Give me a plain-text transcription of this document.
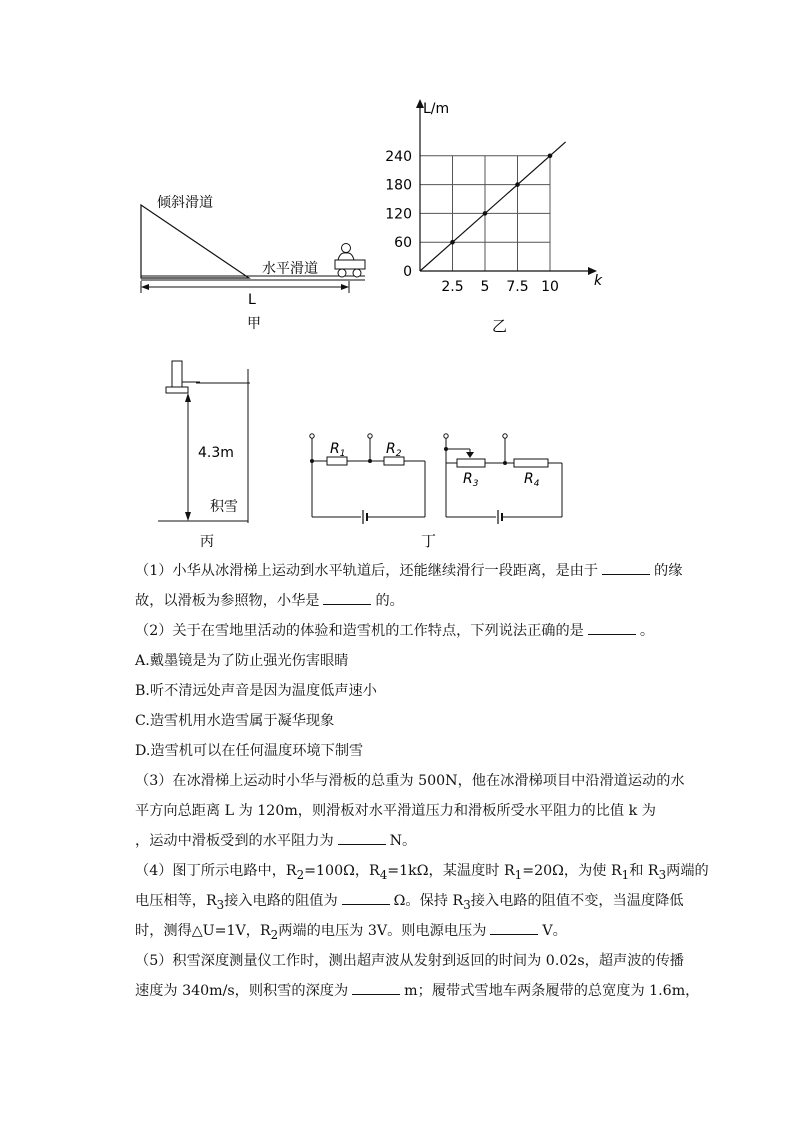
倾斜滑道
水平滑道
L
甲
2.5 5 7.5 10
0
60
120
180
240
L/m
k
乙
4.3m
积雪
丙
$R_1$	$R_2$
$R_3$	$R_4$
丁
（1）小华从冰滑梯上运动到水平轨道后，还能继续滑行一段距离，是由于	的缘
故，以滑板为参照物，小华是	的。
（2）关于在雪地里活动的体验和造雪机的工作特点，下列说法正确的是	。
A.戴墨镜是为了防止强光伤害眼睛
B.听不清远处声音是因为温度低声速小
C.造雪机用水造雪属于凝华现象
D.造雪机可以在任何温度环境下制雪
（3）在冰滑梯上运动时小华与滑板的总重为 500N，他在冰滑梯项目中沿滑道运动的水
平方向总距离 L 为 120m，则滑板对水平滑道压力和滑板所受水平阻力的比值 k 为
，运动中滑板受到的水平阻力为	N。
（4）图丁所示电路中，$R_2=100\Omega$，$R_4=1k\Omega$，某温度时 $R_1=20\Omega$，为使 $R_1$和 $R_3$两端的
电压相等，$R_3$接入电路的阻值为	Ω。保持 $R_3$接入电路的阻值不变，当温度降低
时，测得△U=1V，$R_2$两端的电压为 3V。则电源电压为	V。
（5）积雪深度测量仪工作时，测出超声波从发射到返回的时间为 0.02s，超声波的传播
速度为 340m/s，则积雪的深度为	m；履带式雪地车两条履带的总宽度为 1.6m，
